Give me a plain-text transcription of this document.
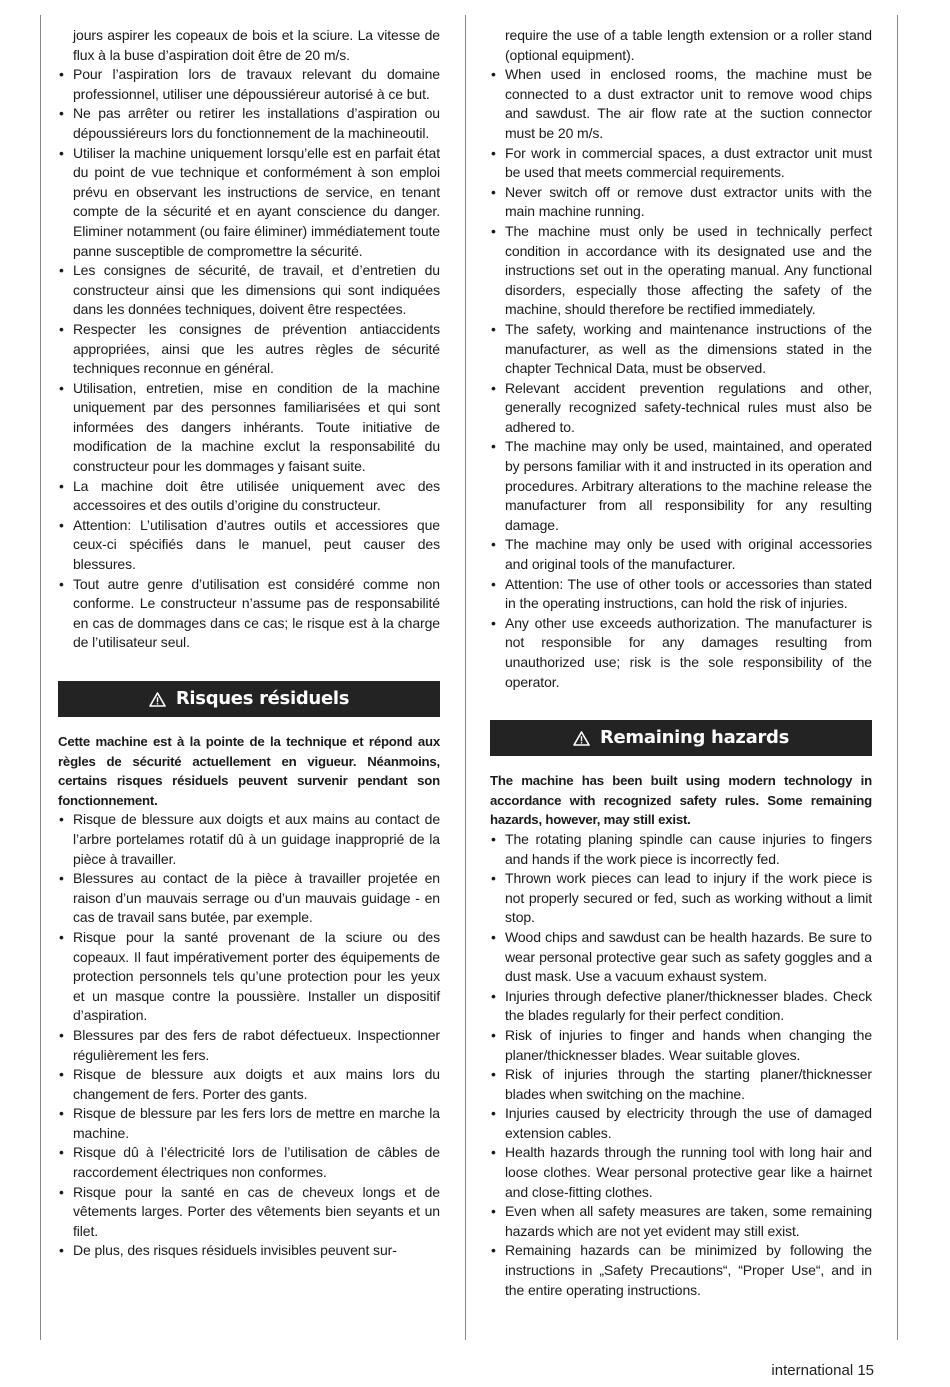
jours aspirer les copeaux de bois et la sciure. La vitesse de flux à la buse d’aspiration doit être de 20 m/s.

• Pour l’aspiration lors de travaux relevant du domaine professionnel, utiliser une dépoussiéreur autorisé à ce but.
• Ne pas arrêter ou retirer les installations d’aspiration ou dépoussiéreurs lors du fonctionnement de la machineoutil.
• Utiliser la machine uniquement lorsqu’elle est en parfait état du point de vue technique et conformément à son emploi prévu en observant les instructions de service, en tenant compte de la sécurité et en ayant conscience du danger. Eliminer notamment (ou faire éliminer) immédiatement toute panne susceptible de compromettre la sécurité.
• Les consignes de sécurité, de travail, et d’entretien du constructeur ainsi que les dimensions qui sont indiquées dans les données techniques, doivent être respectées.
• Respecter les consignes de prévention antiaccidents appropriées, ainsi que les autres règles de sécurité techniques reconnue en général.
• Utilisation, entretien, mise en condition de la machine uniquement par des personnes familiarisées et qui sont informées des dangers inhérants. Toute initiative de modification de la machine exclut la responsabilité du constructeur pour les dommages y faisant suite.
• La machine doit être utilisée uniquement avec des accessoires et des outils d’origine du constructeur.
• Attention: L’utilisation d’autres outils et accessiores que ceux-ci spécifiés dans le manuel, peut causer des blessures.
• Tout autre genre d’utilisation est considéré comme non conforme. Le constructeur n’assume pas de responsabilité en cas de dommages dans ce cas; le risque est à la charge de l’utilisateur seul.
Risques résiduels

Cette machine est à la pointe de la technique et répond aux règles de sécurité actuellement en vigueur. Néanmoins, certains risques résiduels peuvent survenir pendant son fonctionnement.

• Risque de blessure aux doigts et aux mains au contact de l’arbre portelames rotatif dû à un guidage inapproprié de la pièce à travailler.
• Blessures au contact de la pièce à travailler projetée en raison d’un mauvais serrage ou d’un mauvais guidage - en cas de travail sans butée, par exemple.
• Risque pour la santé provenant de la sciure ou des copeaux. Il faut impérativement porter des équipements de protection personnels tels qu’une protection pour les yeux et un masque contre la poussière. Installer un dispositif d’aspiration.
• Blessures par des fers de rabot défectueux. Inspectionner régulièrement les fers.
• Risque de blessure aux doigts et aux mains lors du changement de fers. Porter des gants.
• Risque de blessure par les fers lors de mettre en marche la machine.
• Risque dû à l’électricité lors de l’utilisation de câbles de raccordement électriques non conformes.
• Risque pour la santé en cas de cheveux longs et de vêtements larges. Porter des vêtements bien seyants et un filet.
• De plus, des risques résiduels invisibles peuvent sur-

require the use of a table length extension or a roller stand (optional equipment).

• When used in enclosed rooms, the machine must be connected to a dust extractor unit to remove wood chips and sawdust. The air flow rate at the suction connector must be 20 m/s.
• For work in commercial spaces, a dust extractor unit must be used that meets commercial requirements.
• Never switch off or remove dust extractor units with the main machine running.
• The machine must only be used in technically perfect condition in accordance with its designated use and the instructions set out in the operating manual. Any functional disorders, especially those affecting the safety of the machine, should therefore be rectified immediately.
• The safety, working and maintenance instructions of the manufacturer, as well as the dimensions stated in the chapter Technical Data, must be observed.
• Relevant accident prevention regulations and other, generally recognized safety-technical rules must also be adhered to.
• The machine may only be used, maintained, and operated by persons familiar with it and instructed in its operation and procedures. Arbitrary alterations to the machine release the manufacturer from all responsibility for any resulting damage.
• The machine may only be used with original accessories and original tools of the manufacturer.
• Attention: The use of other tools or accessories than stated in the operating instructions, can hold the risk of injuries.
• Any other use exceeds authorization. The manufacturer is not responsible for any damages resulting from unauthorized use; risk is the sole responsibility of the operator.
Remaining hazards

The machine has been built using modern technology in accordance with recognized safety rules. Some remaining hazards, however, may still exist.

• The rotating planing spindle can cause injuries to fingers and hands if the work piece is incorrectly fed.
• Thrown work pieces can lead to injury if the work piece is not properly secured or fed, such as working without a limit stop.
• Wood chips and sawdust can be health hazards. Be sure to wear personal protective gear such as safety goggles and a dust mask. Use a vacuum exhaust system.
• Injuries through defective planer/thicknesser blades. Check the blades regularly for their perfect condition.
• Risk of injuries to finger and hands when changing the planer/thicknesser blades. Wear suitable gloves.
• Risk of injuries through the starting planer/thicknesser blades when switching on the machine.
• Injuries caused by electricity through the use of damaged extension cables.
• Health hazards through the running tool with long hair and loose clothes. Wear personal protective gear like a hairnet and close-fitting clothes.
• Even when all safety measures are taken, some remaining hazards which are not yet evident may still exist.
• Remaining hazards can be minimized by following the instructions in „Safety Precautions“, “Proper Use“, and in the entire operating instructions.
international 15
